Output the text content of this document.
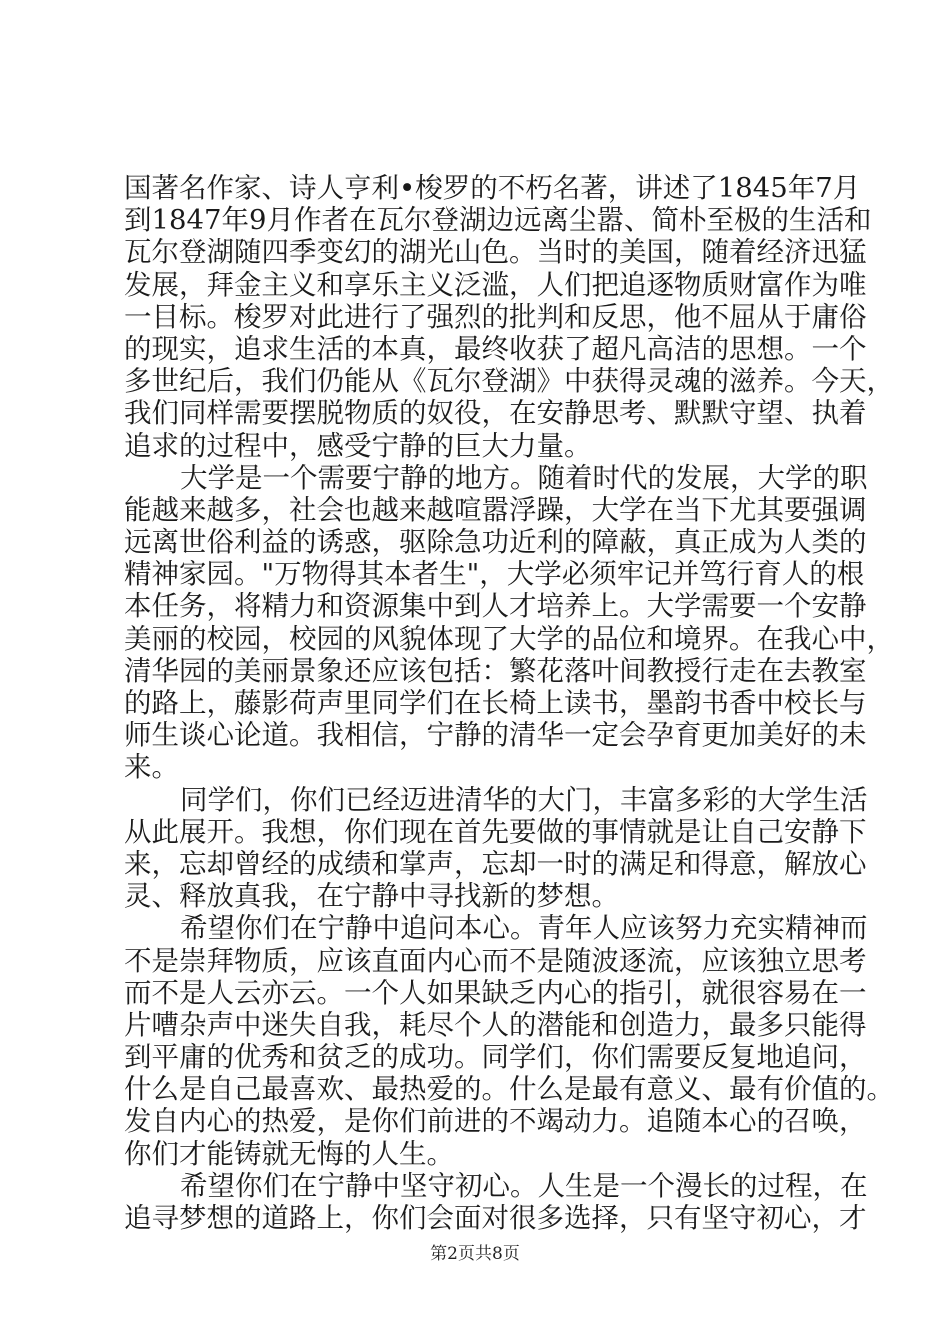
国著名作家、诗人亨利•梭罗的不朽名著，讲述了1845年7月
到1847年9月作者在瓦尔登湖边远离尘嚣、简朴至极的生活和
瓦尔登湖随四季变幻的湖光山色。当时的美国，随着经济迅猛
发展，拜金主义和享乐主义泛滥，人们把追逐物质财富作为唯
一目标。梭罗对此进行了强烈的批判和反思，他不屈从于庸俗
的现实，追求生活的本真，最终收获了超凡高洁的思想。一个
多世纪后，我们仍能从《瓦尔登湖》中获得灵魂的滋养。今天，
我们同样需要摆脱物质的奴役，在安静思考、默默守望、执着
追求的过程中，感受宁静的巨大力量。
大学是一个需要宁静的地方。随着时代的发展，大学的职
能越来越多，社会也越来越喧嚣浮躁，大学在当下尤其要强调
远离世俗利益的诱惑，驱除急功近利的障蔽，真正成为人类的
精神家园。"万物得其本者生"，大学必须牢记并笃行育人的根
本任务，将精力和资源集中到人才培养上。大学需要一个安静
美丽的校园，校园的风貌体现了大学的品位和境界。在我心中，
清华园的美丽景象还应该包括：繁花落叶间教授行走在去教室
的路上，藤影荷声里同学们在长椅上读书，墨韵书香中校长与
师生谈心论道。我相信，宁静的清华一定会孕育更加美好的未
来。
同学们，你们已经迈进清华的大门，丰富多彩的大学生活
从此展开。我想，你们现在首先要做的事情就是让自己安静下
来，忘却曾经的成绩和掌声，忘却一时的满足和得意，解放心
灵、释放真我，在宁静中寻找新的梦想。
希望你们在宁静中追问本心。青年人应该努力充实精神而
不是崇拜物质，应该直面内心而不是随波逐流，应该独立思考
而不是人云亦云。一个人如果缺乏内心的指引，就很容易在一
片嘈杂声中迷失自我，耗尽个人的潜能和创造力，最多只能得
到平庸的优秀和贫乏的成功。同学们，你们需要反复地追问，
什么是自己最喜欢、最热爱的。什么是最有意义、最有价值的。
发自内心的热爱，是你们前进的不竭动力。追随本心的召唤，
你们才能铸就无悔的人生。
希望你们在宁静中坚守初心。人生是一个漫长的过程，在
追寻梦想的道路上，你们会面对很多选择，只有坚守初心，才
第2页共8页
